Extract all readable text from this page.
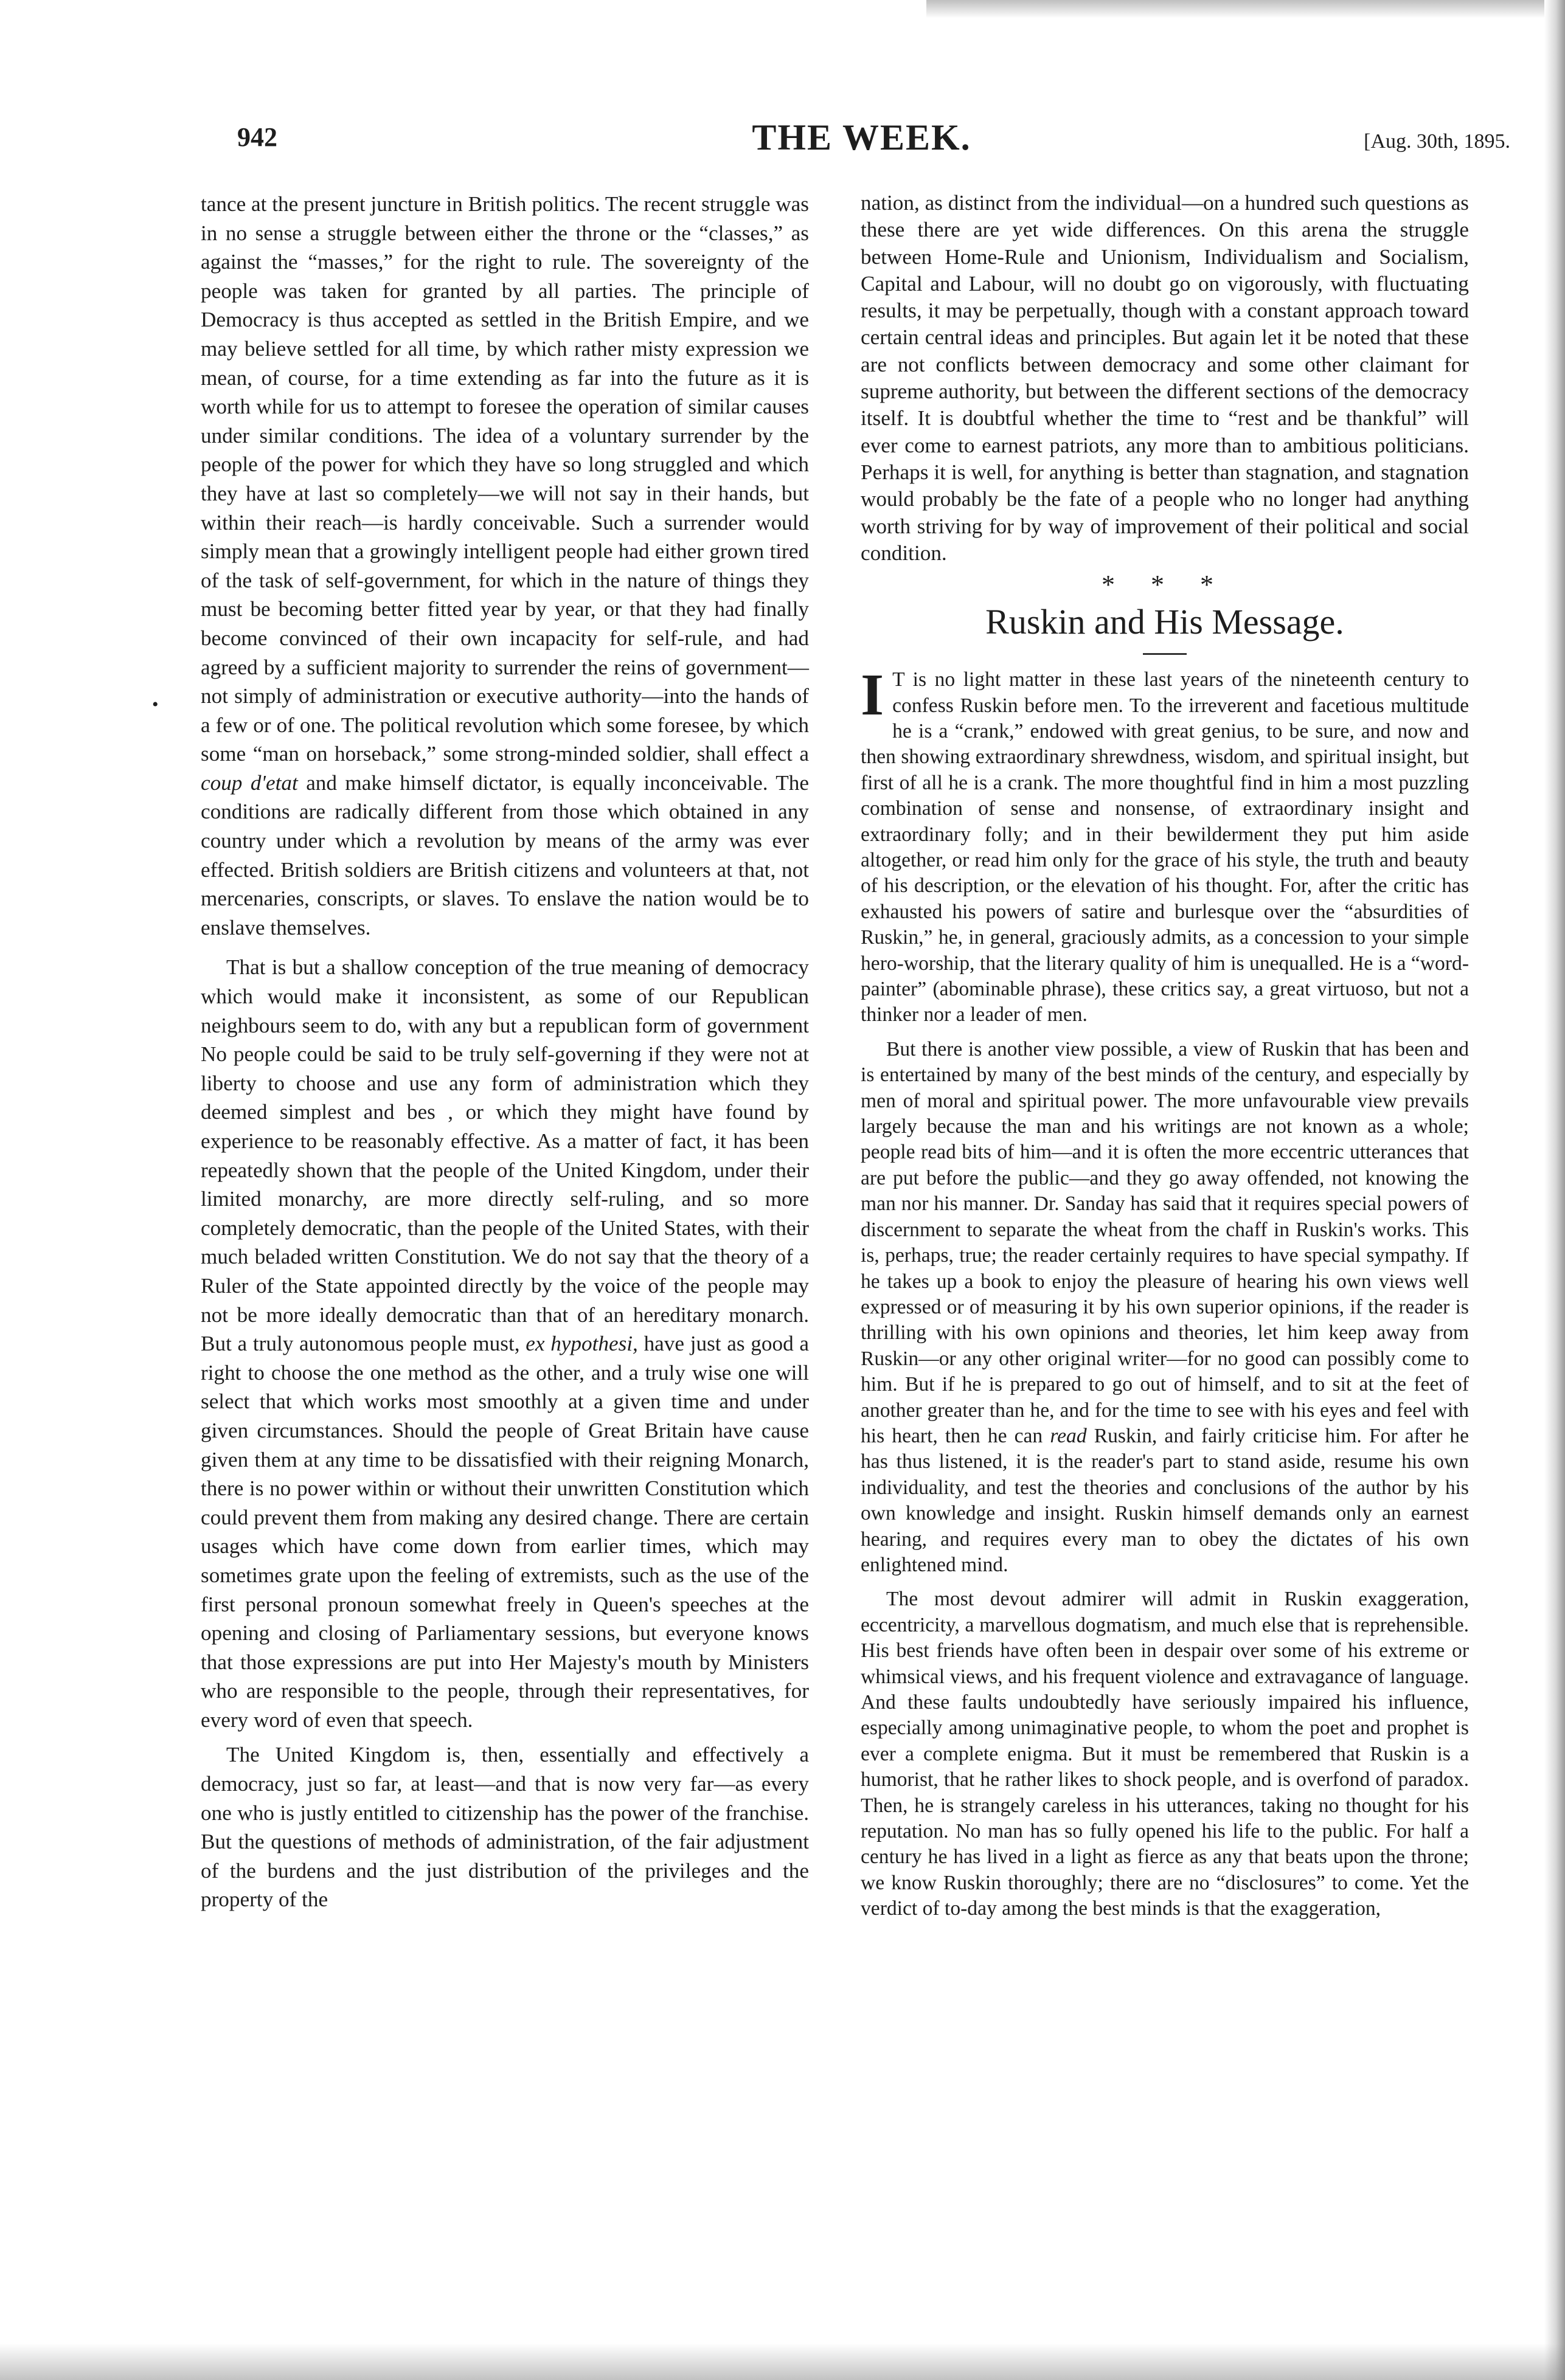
942	THE WEEK.	[Aug. 30th, 1895.
•

tance at the present juncture in British politics. The recent struggle was in no sense a struggle between either the throne or the “classes,” as against the “masses,” for the right to rule. The sovereignty of the people was taken for granted by all parties. The principle of Democracy is thus accepted as settled in the British Empire, and we may believe settled for all time, by which rather misty expression we mean, of course, for a time extending as far into the future as it is worth while for us to attempt to foresee the operation of similar causes under similar conditions. The idea of a voluntary surrender by the people of the power for which they have so long struggled and which they have at last so completely—we will not say in their hands, but within their reach—is hardly conceivable. Such a surrender would simply mean that a growingly intelligent people had either grown tired of the task of self-government, for which in the nature of things they must be becoming better fitted year by year, or that they had finally become convinced of their own incapacity for self-rule, and had agreed by a sufficient majority to surrender the reins of government—not simply of administration or executive authority—into the hands of a few or of one. The political revolution which some foresee, by which some “man on horseback,” some strong-minded soldier, shall effect a coup d'etat and make himself dictator, is equally inconceivable. The conditions are radically different from those which obtained in any country under which a revolution by means of the army was ever effected. British soldiers are British citizens and volunteers at that, not mercenaries, conscripts, or slaves. To enslave the nation would be to enslave themselves.

That is but a shallow conception of the true meaning of democracy which would make it inconsistent, as some of our Republican neighbours seem to do, with any but a republican form of government No people could be said to be truly self-governing if they were not at liberty to choose and use any form of administration which they deemed simplest and bes , or which they might have found by experience to be reasonably effective. As a matter of fact, it has been repeatedly shown that the people of the United Kingdom, under their limited monarchy, are more directly self-ruling, and so more completely democratic, than the people of the United States, with their much beladed written Constitution. We do not say that the theory of a Ruler of the State appointed directly by the voice of the people may not be more ideally democratic than that of an hereditary monarch. But a truly autonomous people must, ex hypothesi, have just as good a right to choose the one method as the other, and a truly wise one will select that which works most smoothly at a given time and under given circumstances. Should the people of Great Britain have cause given them at any time to be dissatisfied with their reigning Monarch, there is no power within or without their unwritten Constitution which could prevent them from making any desired change. There are certain usages which have come down from earlier times, which may sometimes grate upon the feeling of extremists, such as the use of the first personal pronoun somewhat freely in Queen's speeches at the opening and closing of Parliamentary sessions, but everyone knows that those expressions are put into Her Majesty's mouth by Ministers who are responsible to the people, through their representatives, for every word of even that speech.

The United Kingdom is, then, essentially and effectively a democracy, just so far, at least—and that is now very far—as every one who is justly entitled to citizenship has the power of the franchise. But the questions of methods of administration, of the fair adjustment of the burdens and the just distribution of the privileges and the property of the

nation, as distinct from the individual—on a hundred such questions as these there are yet wide differences. On this arena the struggle between Home-Rule and Unionism, Individualism and Socialism, Capital and Labour, will no doubt go on vigorously, with fluctuating results, it may be perpetually, though with a constant approach toward certain central ideas and principles. But again let it be noted that these are not conflicts between democracy and some other claimant for supreme authority, but between the different sections of the democracy itself. It is doubtful whether the time to “rest and be thankful” will ever come to earnest patriots, any more than to ambitious politicians. Perhaps it is well, for anything is better than stagnation, and stagnation would probably be the fate of a people who no longer had anything worth striving for by way of improvement of their political and social condition.

* * *
Ruskin and His Message.

I T is no light matter in these last years of the nineteenth century to confess Ruskin before men. To the irreverent and facetious multitude he is a “crank,” endowed with great genius, to be sure, and now and then showing extraordinary shrewdness, wisdom, and spiritual insight, but first of all he is a crank. The more thoughtful find in him a most puzzling combination of sense and nonsense, of extraordinary insight and extraordinary folly; and in their bewilderment they put him aside altogether, or read him only for the grace of his style, the truth and beauty of his description, or the elevation of his thought. For, after the critic has exhausted his powers of satire and burlesque over the “absurdities of Ruskin,” he, in general, graciously admits, as a concession to your simple hero-worship, that the literary quality of him is unequalled. He is a “word-painter” (abominable phrase), these critics say, a great virtuoso, but not a thinker nor a leader of men.

But there is another view possible, a view of Ruskin that has been and is entertained by many of the best minds of the century, and especially by men of moral and spiritual power. The more unfavourable view prevails largely because the man and his writings are not known as a whole; people read bits of him—and it is often the more eccentric utterances that are put before the public—and they go away offended, not knowing the man nor his manner. Dr. Sanday has said that it requires special powers of discernment to separate the wheat from the chaff in Ruskin's works. This is, perhaps, true; the reader certainly requires to have special sympathy. If he takes up a book to enjoy the pleasure of hearing his own views well expressed or of measuring it by his own superior opinions, if the reader is thrilling with his own opinions and theories, let him keep away from Ruskin—or any other original writer—for no good can possibly come to him. But if he is prepared to go out of himself, and to sit at the feet of another greater than he, and for the time to see with his eyes and feel with his heart, then he can read Ruskin, and fairly criticise him. For after he has thus listened, it is the reader's part to stand aside, resume his own individuality, and test the theories and conclusions of the author by his own knowledge and insight. Ruskin himself demands only an earnest hearing, and requires every man to obey the dictates of his own enlightened mind.

The most devout admirer will admit in Ruskin exaggeration, eccentricity, a marvellous dogmatism, and much else that is reprehensible. His best friends have often been in despair over some of his extreme or whimsical views, and his frequent violence and extravagance of language. And these faults undoubtedly have seriously impaired his influence, especially among unimaginative people, to whom the poet and prophet is ever a complete enigma. But it must be remembered that Ruskin is a humorist, that he rather likes to shock people, and is overfond of paradox. Then, he is strangely careless in his utterances, taking no thought for his reputation. No man has so fully opened his life to the public. For half a century he has lived in a light as fierce as any that beats upon the throne; we know Ruskin thoroughly; there are no “disclosures” to come. Yet the verdict of to-day among the best minds is that the exaggeration,
